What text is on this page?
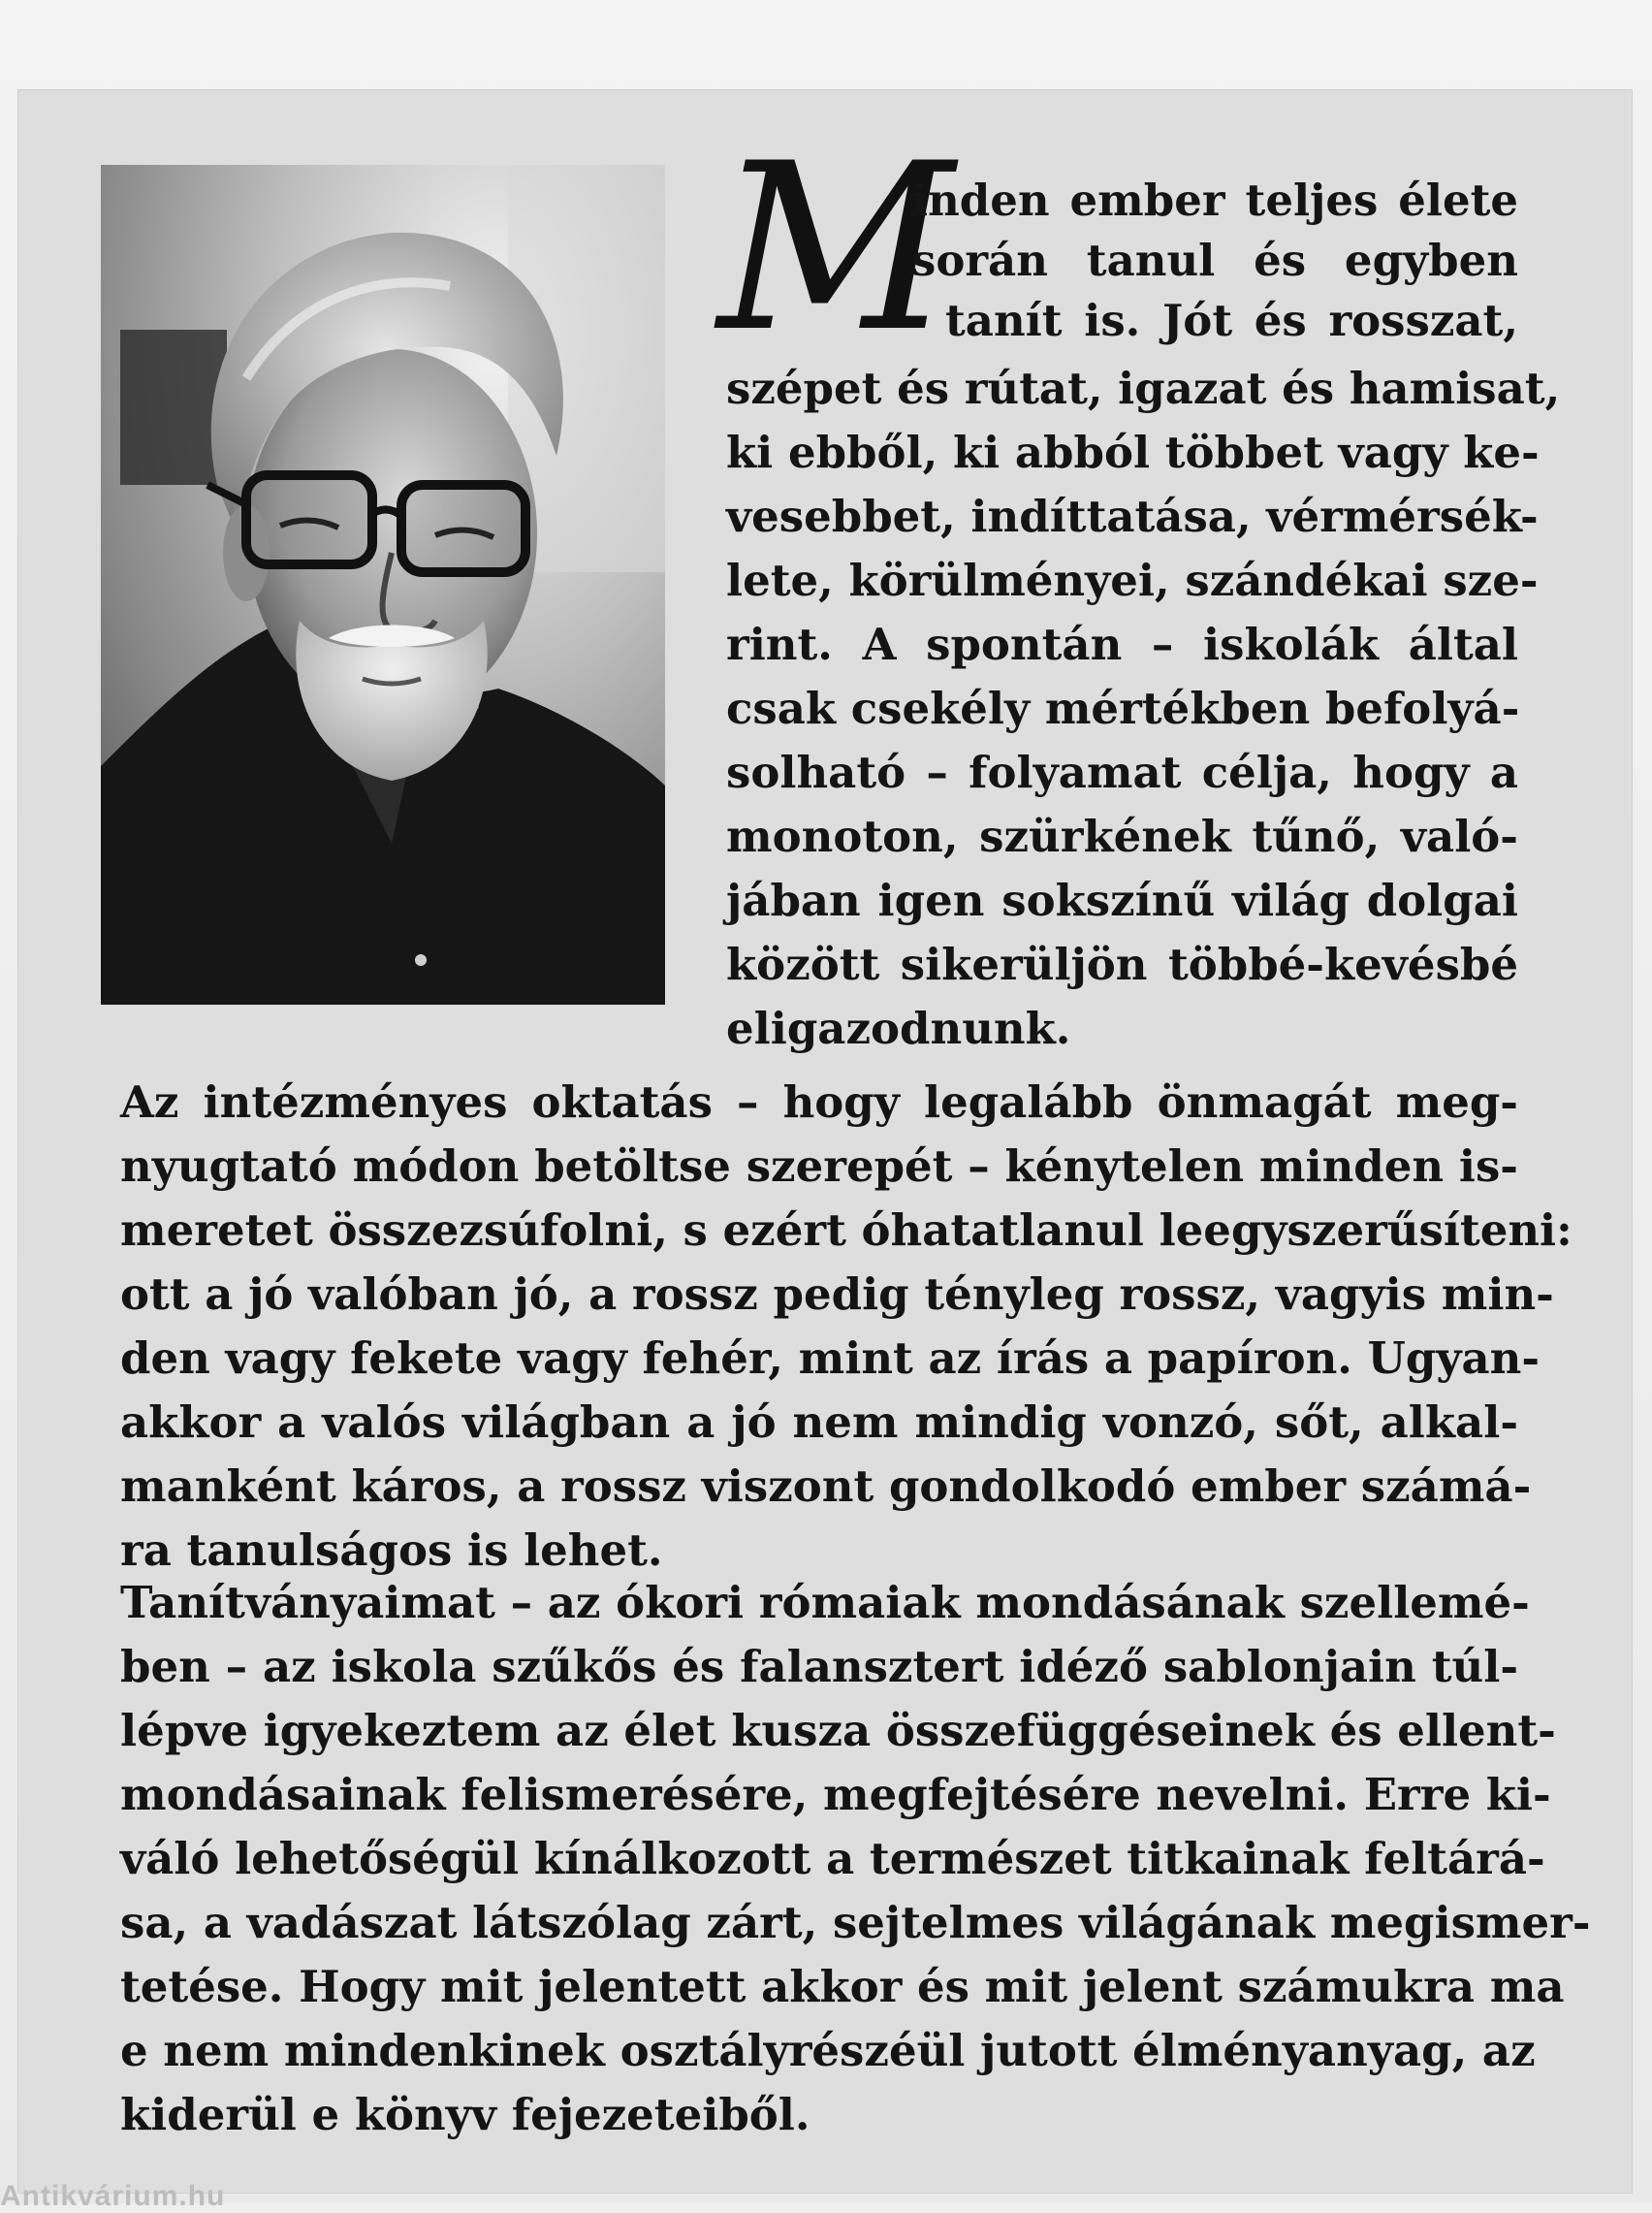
M
inden ember teljes élete
során tanul és egyben
tanít is. Jót és rosszat,
szépet és rútat, igazat és hamisat,
ki ebből, ki abból többet vagy ke-
vesebbet, indíttatása, vérmérsék-
lete, körülményei, szándékai sze-
rint. A spontán – iskolák által
csak csekély mértékben befolyá-
solható – folyamat célja, hogy a
monoton, szürkének tűnő, való-
jában igen sokszínű világ dolgai
között sikerüljön többé-kevésbé
eligazodnunk.
Az intézményes oktatás – hogy legalább önmagát meg-
nyugtató módon betöltse szerepét – kénytelen minden is-
meretet összezsúfolni, s ezért óhatatlanul leegyszerűsíteni:
ott a jó valóban jó, a rossz pedig tényleg rossz, vagyis min-
den vagy fekete vagy fehér, mint az írás a papíron. Ugyan-
akkor a valós világban a jó nem mindig vonzó, sőt, alkal-
manként káros, a rossz viszont gondolkodó ember számá-
ra tanulságos is lehet.
Tanítványaimat – az ókori rómaiak mondásának szellemé-
ben – az iskola szűkős és falansztert idéző sablonjain túl-
lépve igyekeztem az élet kusza összefüggéseinek és ellent-
mondásainak felismerésére, megfejtésére nevelni. Erre ki-
váló lehetőségül kínálkozott a természet titkainak feltárá-
sa, a vadászat látszólag zárt, sejtelmes világának megismer-
tetése. Hogy mit jelentett akkor és mit jelent számukra ma
e nem mindenkinek osztályrészéül jutott élményanyag, az
kiderül e könyv fejezeteiből.
Antikvárium.hu
